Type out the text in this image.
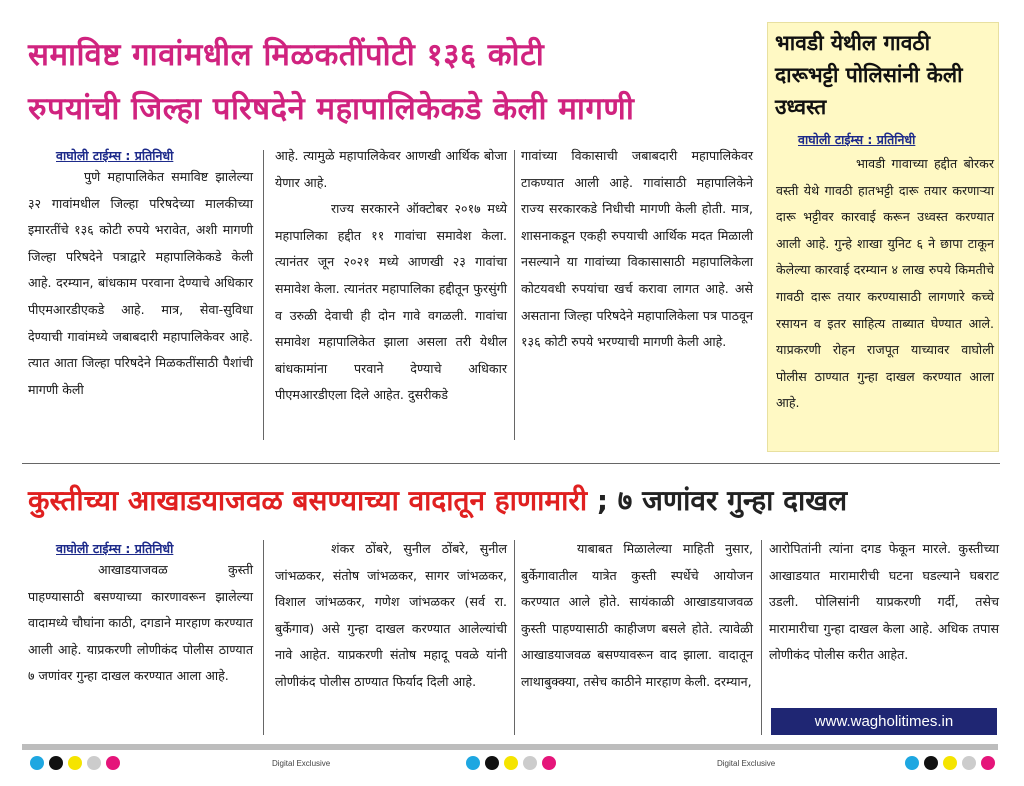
समाविष्ट गावांमधील मिळकतींपोटी १३६ कोटी
रुपयांची जिल्हा परिषदेने महापालिकेकडे केली मागणी
भावडी येथील गावठी दारूभट्टी पोलिसांनी केली उध्वस्त
वाघोली टाईम्स : प्रतिनिधी
भावडी गावाच्या हद्दीत बोरकर वस्ती येथे गावठी हातभट्टी दारू तयार करणाऱ्या दारू भट्टीवर कारवाई करून उध्वस्त करण्यात आली आहे. गुन्हे शाखा युनिट ६ ने छापा टाकून केलेल्या कारवाई दरम्यान ४ लाख रुपये किमतीचे गावठी दारू तयार करण्यासाठी लागणारे कच्चे रसायन व इतर साहित्य ताब्यात घेण्यात आले. याप्रकरणी रोहन राजपूत याच्यावर वाघोली पोलीस ठाण्यात गुन्हा दाखल करण्यात आला आहे.
वाघोली टाईम्स : प्रतिनिधी
पुणे महापालिकेत समाविष्ट झालेल्या ३२ गावांमधील जिल्हा परिषदेच्या मालकीच्या इमारतींचे १३६ कोटी रुपये भरावेत, अशी मागणी जिल्हा परिषदेने पत्राद्वारे महापालिकेकडे केली आहे. दरम्यान, बांधकाम परवाना देण्याचे अधिकार पीएमआरडीएकडे आहे. मात्र, सेवा-सुविधा देण्याची गावांमध्ये जबाबदारी महापालिकेवर आहे. त्यात आता जिल्हा परिषदेने मिळकतींसाठी पैशांची मागणी केली
आहे. त्यामुळे महापालिकेवर आणखी आर्थिक बोजा येणार आहे.
राज्य सरकारने ऑक्टोबर २०१७ मध्ये महापालिका हद्दीत ११ गावांचा समावेश केला. त्यानंतर जून २०२१ मध्ये आणखी २३ गावांचा समावेश केला. त्यानंतर महापालिका हद्दीतून फुरसुंगी व उरुळी देवाची ही दोन गावे वगळली. गावांचा समावेश महापालिकेत झाला असला तरी येथील बांधकामांना परवाने देण्याचे अधिकार पीएमआरडीएला दिले आहेत. दुसरीकडे
गावांच्या विकासाची जबाबदारी महापालिकेवर टाकण्यात आली आहे. गावांसाठी महापालिकेने राज्य सरकारकडे निधीची मागणी केली होती. मात्र, शासनाकडून एकही रुपयाची आर्थिक मदत मिळाली नसल्याने या गावांच्या विकासासाठी महापालिकेला कोटयवधी रुपयांचा खर्च करावा लागत आहे. असे असताना जिल्हा परिषदेने महापालिकेला पत्र पाठवून १३६ कोटी रुपये भरण्याची मागणी केली आहे.
कुस्तीच्या आखाडयाजवळ बसण्याच्या वादातून हाणामारी ; ७ जणांवर गुन्हा दाखल
वाघोली टाईम्स : प्रतिनिधी
आखाडयाजवळ कुस्ती पाहण्यासाठी बसण्याच्या कारणावरून झालेल्या वादामध्ये चौघांना काठी, दगडाने मारहाण करण्यात आली आहे. याप्रकरणी लोणीकंद पोलीस ठाण्यात ७ जणांवर गुन्हा दाखल करण्यात आला आहे.
शंकर ठोंबरे, सुनील ठोंबरे, सुनील जांभळकर, संतोष जांभळकर, सागर जांभळकर, विशाल जांभळकर, गणेश जांभळकर (सर्व रा. बुर्केगाव) असे गुन्हा दाखल करण्यात आलेल्यांची नावे आहेत. याप्रकरणी संतोष महादू पवळे यांनी लोणीकंद पोलीस ठाण्यात फिर्याद दिली आहे.
याबाबत मिळालेल्या माहिती नुसार, बुर्केगावातील यात्रेत कुस्ती स्पर्धेचे आयोजन करण्यात आले होते. सायंकाळी आखाडयाजवळ कुस्ती पाहण्यासाठी काहीजण बसले होते. त्यावेळी आखाडयाजवळ बसण्यावरून वाद झाला. वादातून लाथाबुक्क्या, तसेच काठीने मारहाण केली. दरम्यान,
आरोपितांनी त्यांना दगड फेकून मारले. कुस्तीच्या आखाडयात मारामारीची घटना घडल्याने घबराट उडली. पोलिसांनी याप्रकरणी गर्दी, तसेच मारामारीचा गुन्हा दाखल केला आहे. अधिक तपास लोणीकंद पोलीस करीत आहेत.
www.wagholitimes.in
Digital Exclusive	Digital Exclusive
